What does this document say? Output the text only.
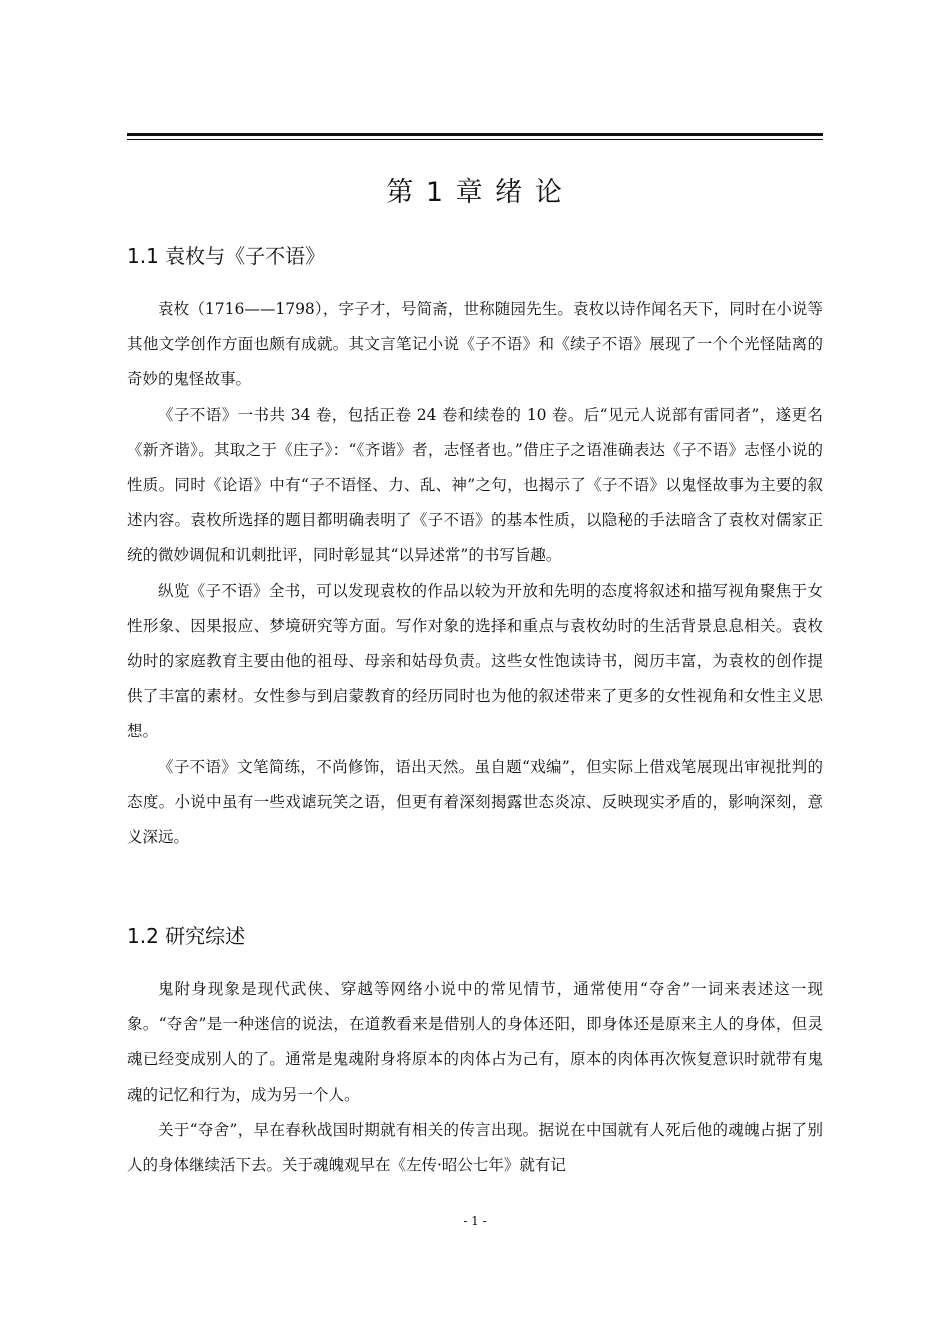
第 1 章 绪 论
1.1 袁枚与《子不语》

袁枚（1716——1798），字子才，号简斋，世称随园先生。袁枚以诗作闻名天下，同时在小说等其他文学创作方面也颇有成就。其文言笔记小说《子不语》和《续子不语》展现了一个个光怪陆离的奇妙的鬼怪故事。

《子不语》一书共 34 卷，包括正卷 24 卷和续卷的 10 卷。后“见元人说部有雷同者”，遂更名《新齐谐》。其取之于《庄子》：“《齐谐》者，志怪者也。”借庄子之语准确表达《子不语》志怪小说的性质。同时《论语》中有“子不语怪、力、乱、神”之句，也揭示了《子不语》以鬼怪故事为主要的叙述内容。袁枚所选择的题目都明确表明了《子不语》的基本性质，以隐秘的手法暗含了袁枚对儒家正统的微妙调侃和讥刺批评，同时彰显其“以异述常”的书写旨趣。

纵览《子不语》全书，可以发现袁枚的作品以较为开放和先明的态度将叙述和描写视角聚焦于女性形象、因果报应、梦境研究等方面。写作对象的选择和重点与袁枚幼时的生活背景息息相关。袁枚幼时的家庭教育主要由他的祖母、母亲和姑母负责。这些女性饱读诗书，阅历丰富，为袁枚的创作提供了丰富的素材。女性参与到启蒙教育的经历同时也为他的叙述带来了更多的女性视角和女性主义思想。

《子不语》文笔简练，不尚修饰，语出天然。虽自题“戏编”，但实际上借戏笔展现出审视批判的态度。小说中虽有一些戏谑玩笑之语，但更有着深刻揭露世态炎凉、反映现实矛盾的，影响深刻，意义深远。

1.2 研究综述

鬼附身现象是现代武侠、穿越等网络小说中的常见情节，通常使用“夺舍”一词来表述这一现象。“夺舍”是一种迷信的说法，在道教看来是借别人的身体还阳，即身体还是原来主人的身体，但灵魂已经变成别人的了。通常是鬼魂附身将原本的肉体占为己有，原本的肉体再次恢复意识时就带有鬼魂的记忆和行为，成为另一个人。

关于“夺舍”，早在春秋战国时期就有相关的传言出现。据说在中国就有人死后他的魂魄占据了别人的身体继续活下去。关于魂魄观早在《左传·昭公七年》就有记

- 1 -
